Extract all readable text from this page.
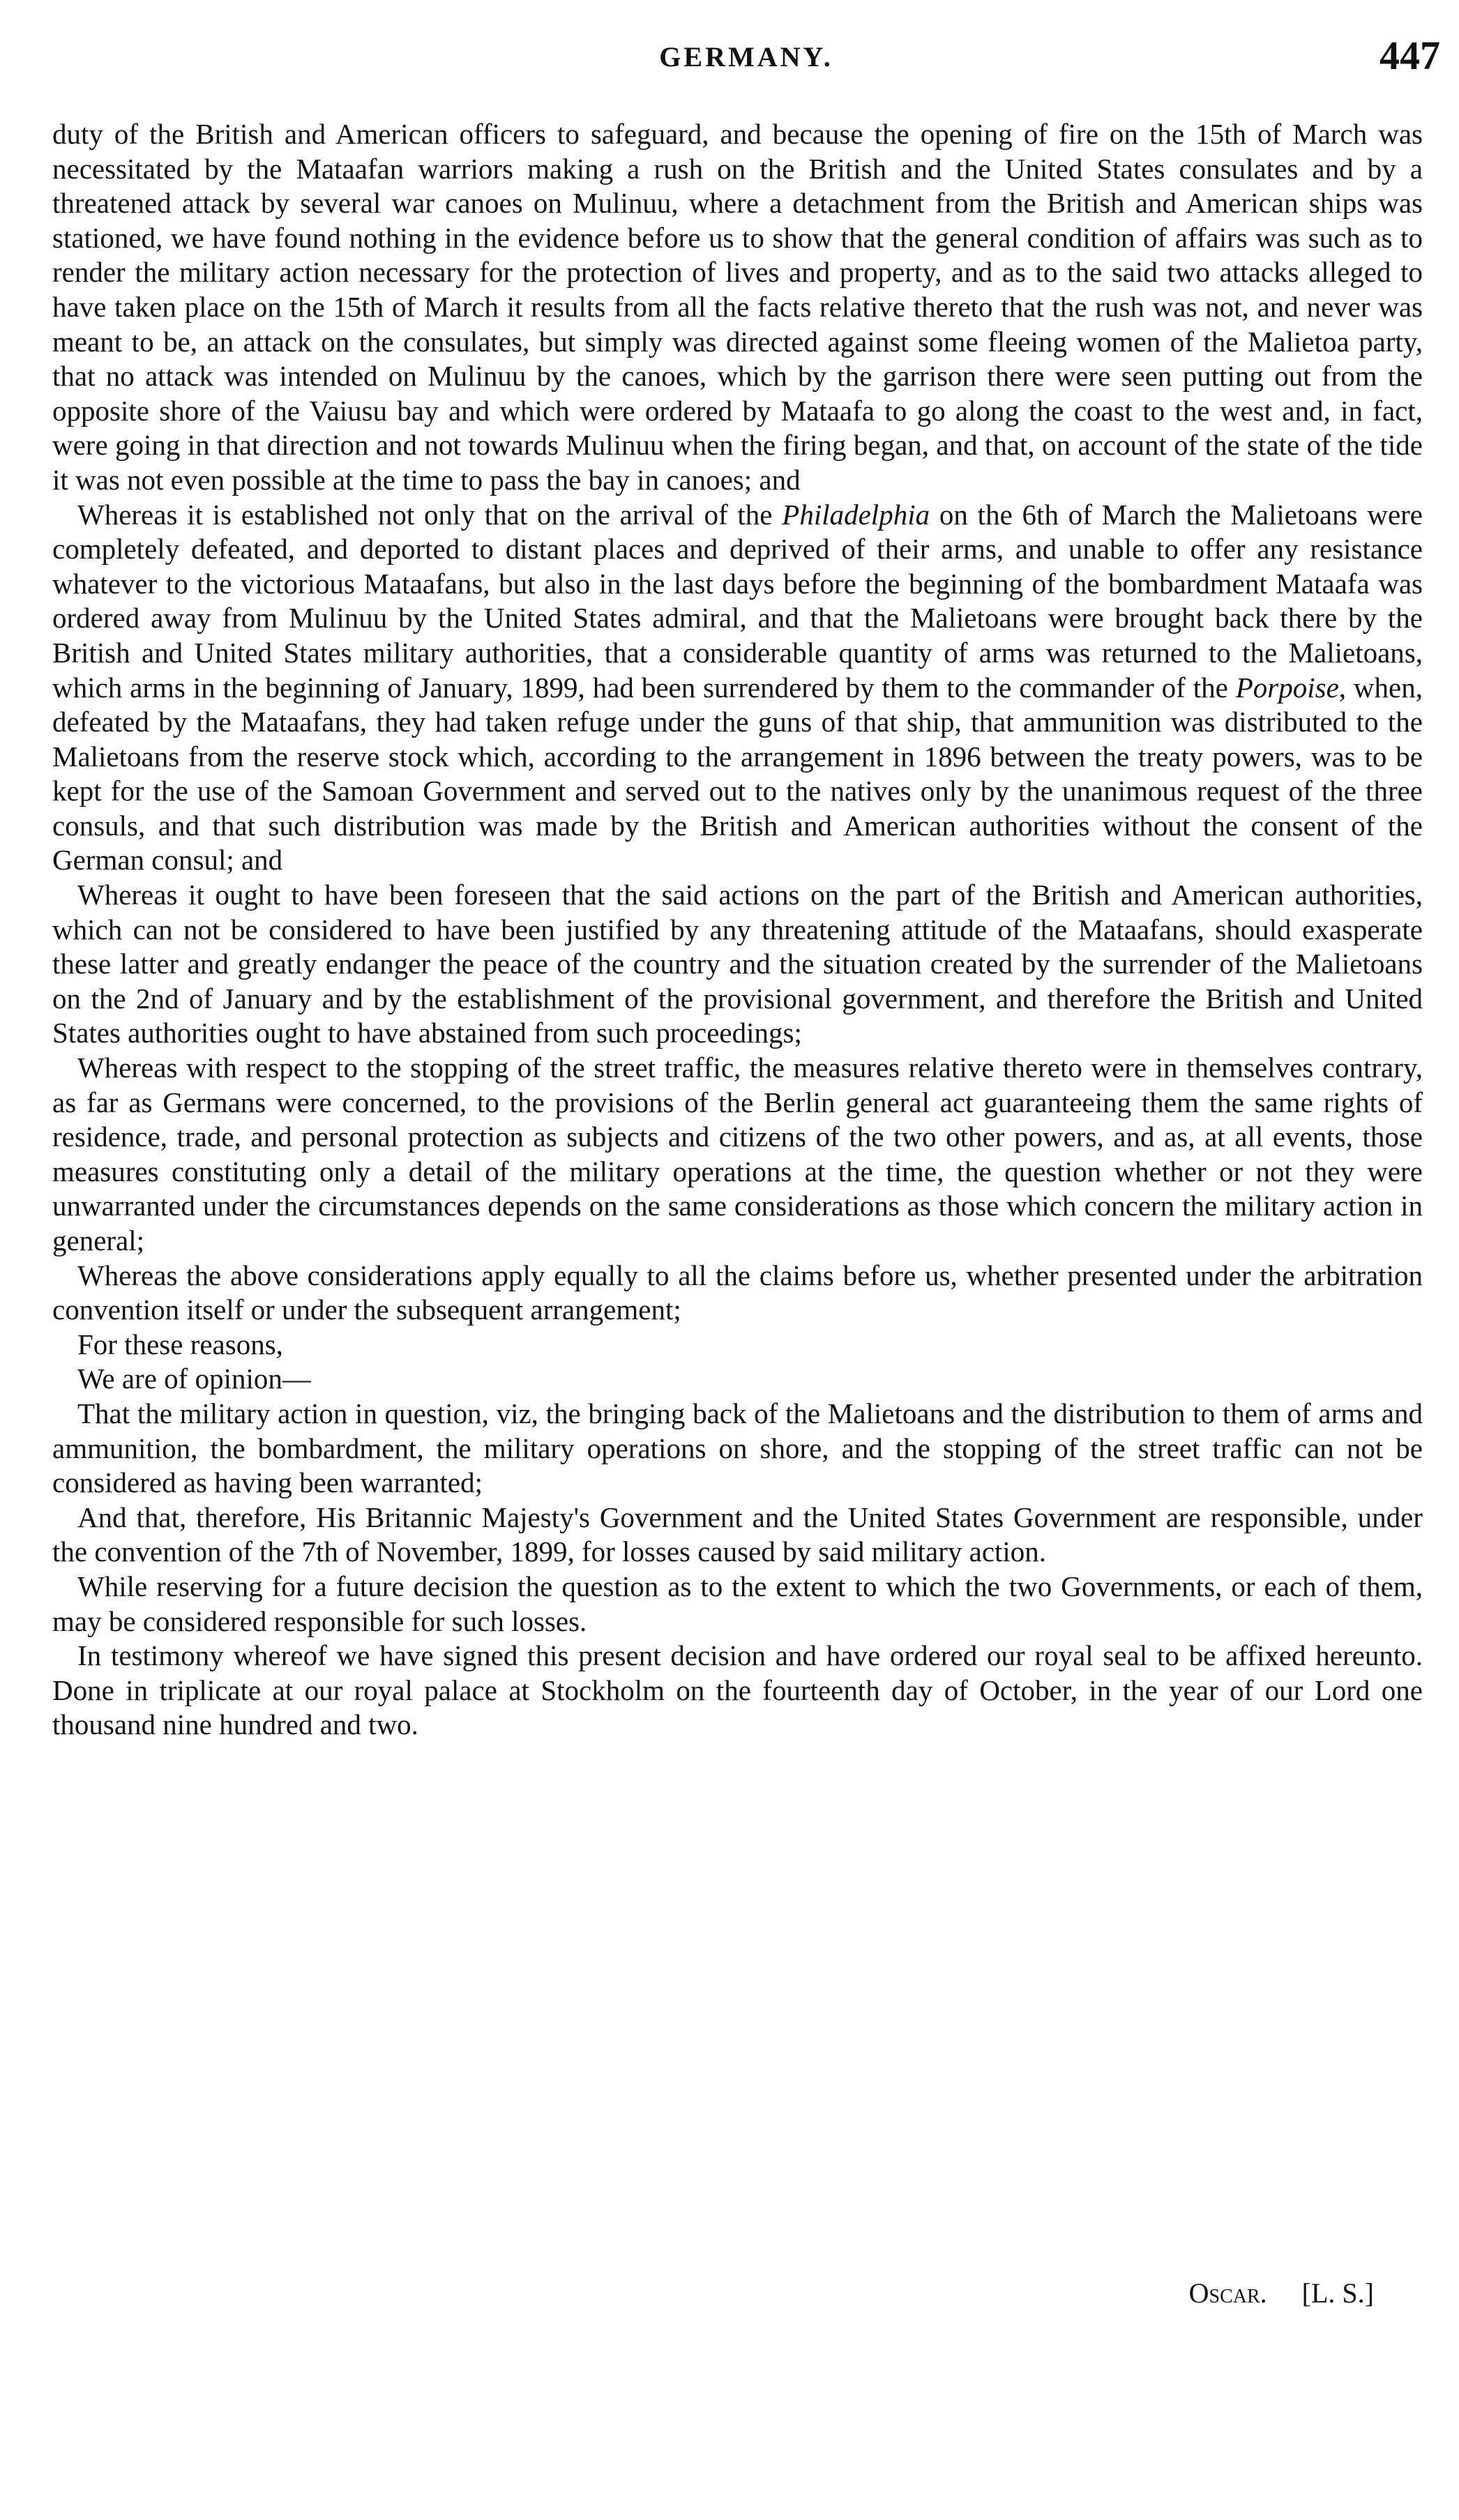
GERMANY.	447

duty of the British and American officers to safeguard, and because the opening of fire on the 15th of March was necessitated by the Mataafan warriors making a rush on the British and the United States consulates and by a threatened attack by several war canoes on Mulinuu, where a detachment from the British and American ships was stationed, we have found nothing in the evidence before us to show that the general condition of affairs was such as to render the military action necessary for the protection of lives and property, and as to the said two attacks alleged to have taken place on the 15th of March it results from all the facts relative thereto that the rush was not, and never was meant to be, an attack on the consulates, but simply was directed against some fleeing women of the Malietoa party, that no attack was intended on Mulinuu by the canoes, which by the garrison there were seen putting out from the opposite shore of the Vaiusu bay and which were ordered by Mataafa to go along the coast to the west and, in fact, were going in that direction and not towards Mulinuu when the firing began, and that, on account of the state of the tide it was not even possible at the time to pass the bay in canoes; and

Whereas it is established not only that on the arrival of the Philadelphia on the 6th of March the Malietoans were completely defeated, and deported to distant places and deprived of their arms, and unable to offer any resistance whatever to the victorious Mataafans, but also in the last days before the beginning of the bombardment Mataafa was ordered away from Mulinuu by the United States admiral, and that the Malietoans were brought back there by the British and United States military authorities, that a considerable quantity of arms was returned to the Malietoans, which arms in the beginning of January, 1899, had been surrendered by them to the commander of the Porpoise, when, defeated by the Mataafans, they had taken refuge under the guns of that ship, that ammunition was distributed to the Malietoans from the reserve stock which, according to the arrangement in 1896 between the treaty powers, was to be kept for the use of the Samoan Government and served out to the natives only by the unanimous request of the three consuls, and that such distribution was made by the British and American authorities without the consent of the German consul; and

Whereas it ought to have been foreseen that the said actions on the part of the British and American authorities, which can not be considered to have been justified by any threatening attitude of the Mataafans, should exasperate these latter and greatly endanger the peace of the country and the situation created by the surrender of the Malietoans on the 2nd of January and by the establishment of the provisional government, and therefore the British and United States authorities ought to have abstained from such proceedings;

Whereas with respect to the stopping of the street traffic, the measures relative thereto were in themselves contrary, as far as Germans were concerned, to the provisions of the Berlin general act guaranteeing them the same rights of residence, trade, and personal protection as subjects and citizens of the two other powers, and as, at all events, those measures constituting only a detail of the military operations at the time, the question whether or not they were unwarranted under the circumstances depends on the same considerations as those which concern the military action in general;

Whereas the above considerations apply equally to all the claims before us, whether presented under the arbitration convention itself or under the subsequent arrangement;

For these reasons,

We are of opinion—

That the military action in question, viz, the bringing back of the Malietoans and the distribution to them of arms and ammunition, the bombardment, the military operations on shore, and the stopping of the street traffic can not be considered as having been warranted;

And that, therefore, His Britannic Majesty's Government and the United States Government are responsible, under the convention of the 7th of November, 1899, for losses caused by said military action.

While reserving for a future decision the question as to the extent to which the two Governments, or each of them, may be considered responsible for such losses.

In testimony whereof we have signed this present decision and have ordered our royal seal to be affixed hereunto. Done in triplicate at our royal palace at Stockholm on the fourteenth day of October, in the year of our Lord one thousand nine hundred and two.

Oscar. [L. S.]
